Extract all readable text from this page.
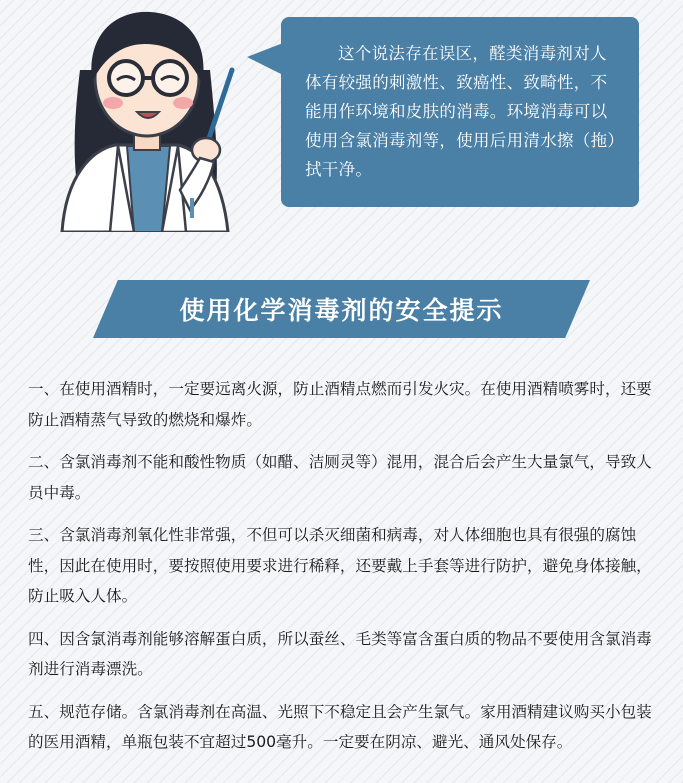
这个说法存在误区，醛类消毒剂对人体有较强的刺激性、致癌性、致畸性，不能用作环境和皮肤的消毒。环境消毒可以使用含氯消毒剂等，使用后用清水擦（拖）拭干净。

使用化学消毒剂的安全提示

一、在使用酒精时，一定要远离火源，防止酒精点燃而引发火灾。在使用酒精喷雾时，还要防止酒精蒸气导致的燃烧和爆炸。

二、含氯消毒剂不能和酸性物质（如醋、洁厕灵等）混用，混合后会产生大量氯气，导致人员中毒。

三、含氯消毒剂氧化性非常强，不但可以杀灭细菌和病毒，对人体细胞也具有很强的腐蚀性，因此在使用时，要按照使用要求进行稀释，还要戴上手套等进行防护，避免身体接触，防止吸入人体。

四、因含氯消毒剂能够溶解蛋白质，所以蚕丝、毛类等富含蛋白质的物品不要使用含氯消毒剂进行消毒漂洗。

五、规范存储。含氯消毒剂在高温、光照下不稳定且会产生氯气。家用酒精建议购买小包装的医用酒精，单瓶包装不宜超过500毫升。一定要在阴凉、避光、通风处保存。
